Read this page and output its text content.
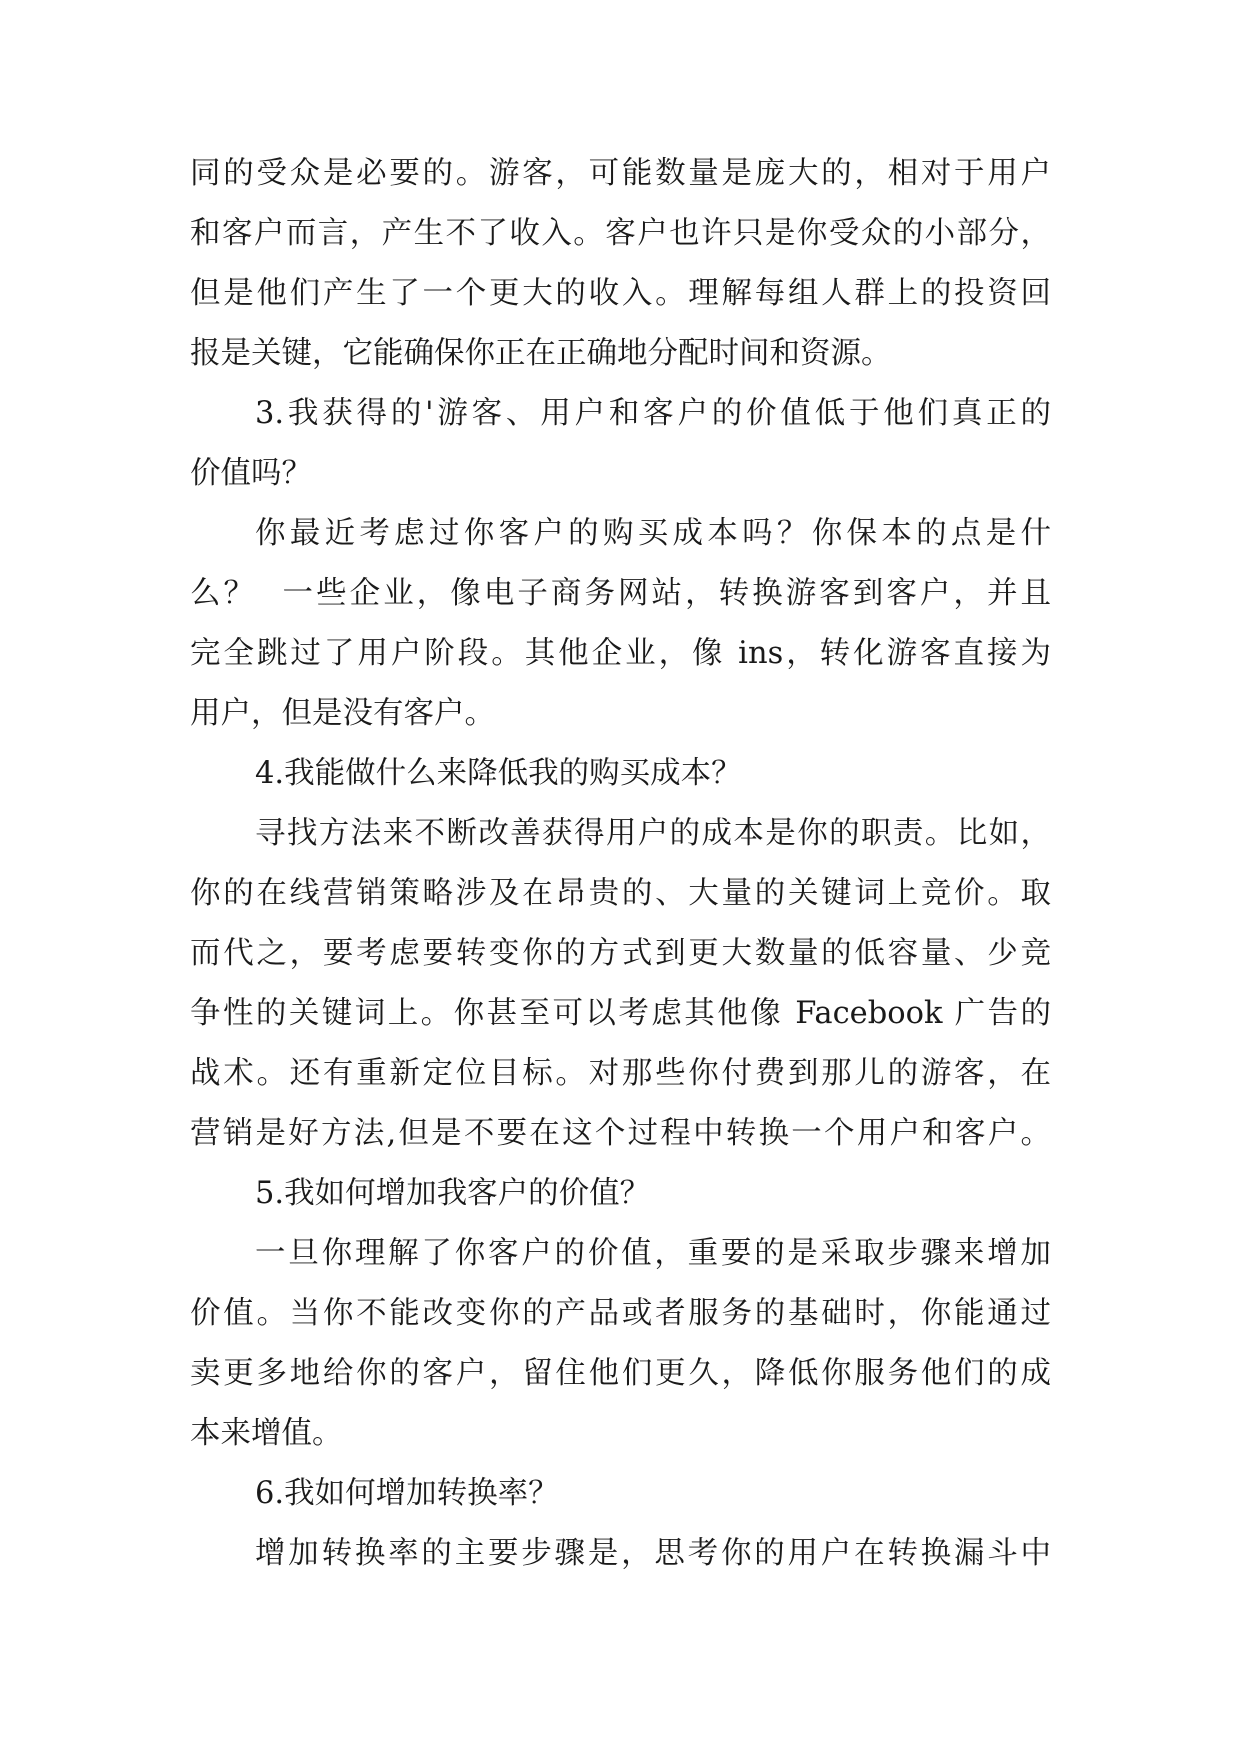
同的受众是必要的。游客，可能数量是庞大的，相对于用户

和客户而言，产生不了收入。客户也许只是你受众的小部分，

但是他们产生了一个更大的收入。理解每组人群上的投资回

报是关键，它能确保你正在正确地分配时间和资源。

3.我获得的'游客、用户和客户的价值低于他们真正的

价值吗？

你最近考虑过你客户的购买成本吗？你保本的点是什

么？  一些企业，像电子商务网站，转换游客到客户，并且

完全跳过了用户阶段。其他企业，像 ins，转化游客直接为

用户，但是没有客户。

4.我能做什么来降低我的购买成本？

寻找方法来不断改善获得用户的成本是你的职责。比如，

你的在线营销策略涉及在昂贵的、大量的关键词上竞价。取

而代之，要考虑要转变你的方式到更大数量的低容量、少竞

争性的关键词上。你甚至可以考虑其他像 Facebook 广告的

战术。还有重新定位目标。对那些你付费到那儿的游客，在

营销是好方法,但是不要在这个过程中转换一个用户和客户。

5.我如何增加我客户的价值？

一旦你理解了你客户的价值，重要的是采取步骤来增加

价值。当你不能改变你的产品或者服务的基础时，你能通过

卖更多地给你的客户，留住他们更久，降低你服务他们的成

本来增值。

6.我如何增加转换率？

增加转换率的主要步骤是，思考你的用户在转换漏斗中
